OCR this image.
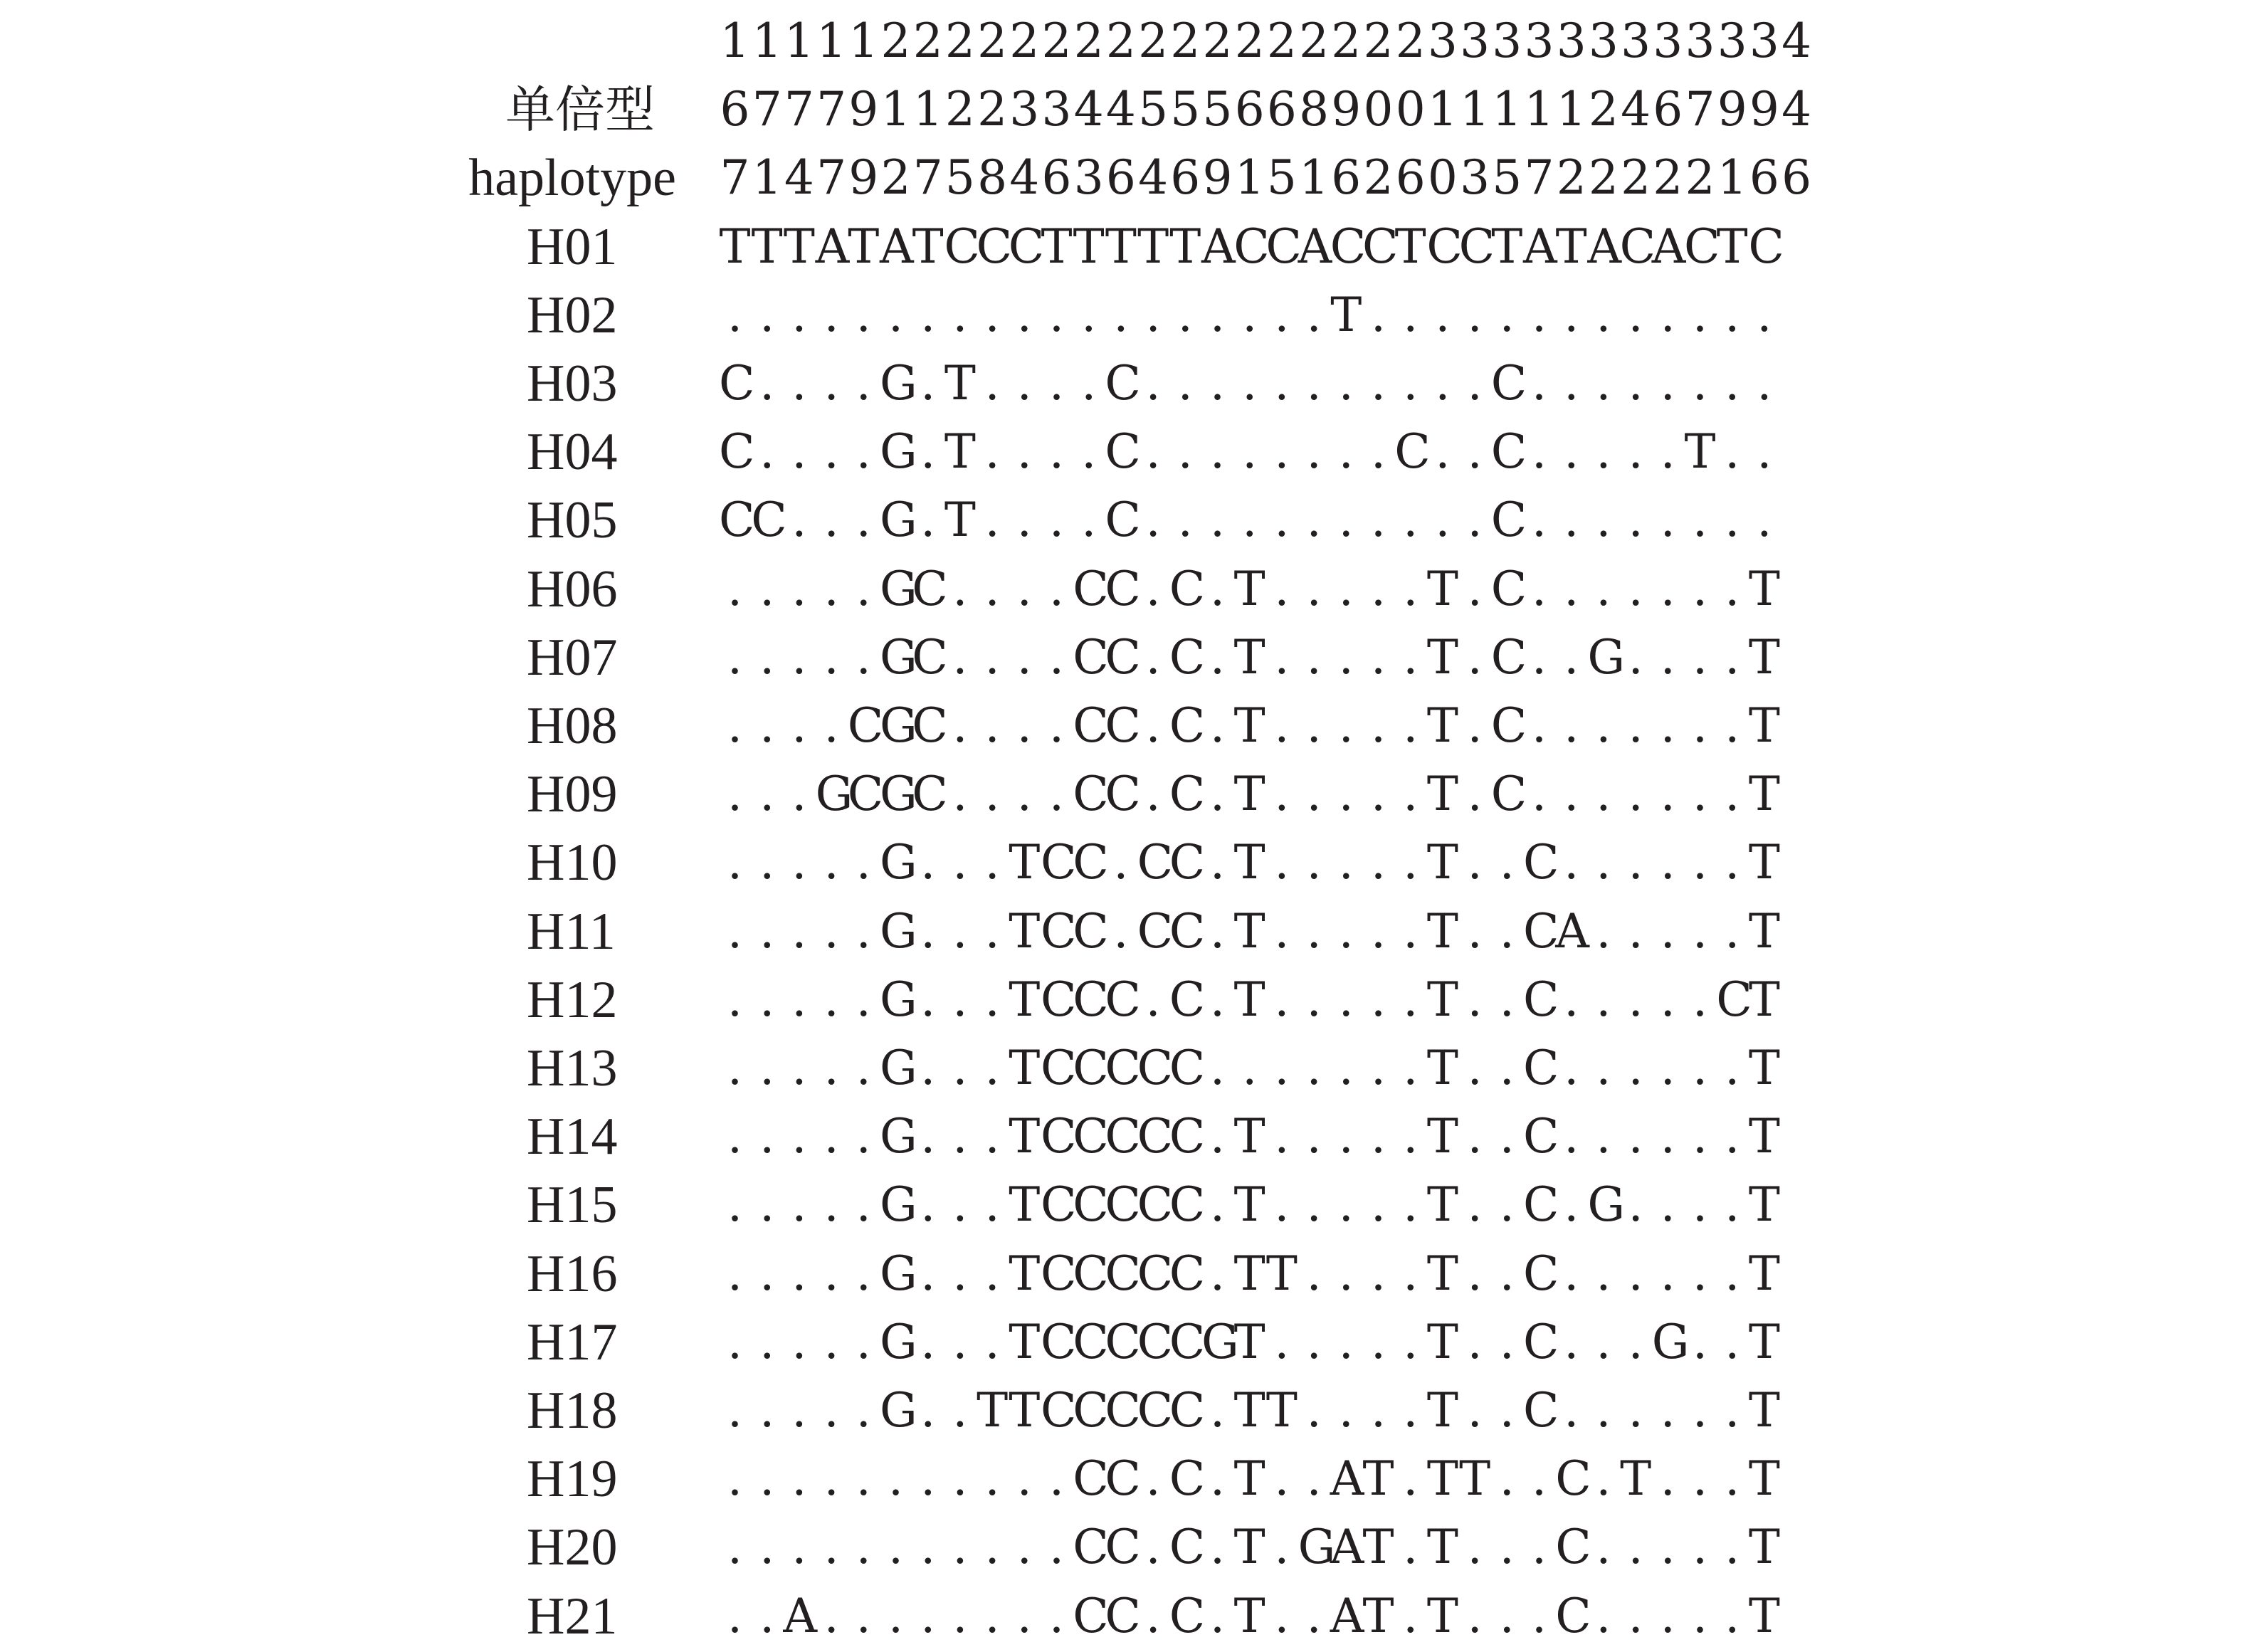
1 1 1 1 1 2 2 2 2 2 2 2 2 2 2 2 2 2 2 2 2 2 3 3 3 3 3 3 3 3 3 3 3 4
单倍型 6 7 7 7 9 1 1 2 2 3 3 4 4 5 5 5 6 6 8 9 0 0 1 1 1 1 1 2 4 6 7 9 9 4
haplotype 7 1 4 7 9 2 7 5 8 4 6 3 6 4 6 9 1 5 1 6 2 6 0 3 5 7 2 2 2 2 2 1 6 6
H01 T T T A
T A
T C
C
C
T T T T T A
C
C
A
C
C
T C
C
T A
T A
C
A
C
T C
H02 . . . . . . . . . . . . . . . . . . . T . . . . . . . . . . . . .
H03 C . . . . G . T . . . . C . . . . . . . . . . . C . . . . . . . .
H04 C . . . . G . T . . . . C . . . . . . . . C . . C . . . . . T . .
H05 C
C . . . G . T . . . . C . . . . . . . . . . . C . . . . . . . .
H06 . . . . . G
C . . . . C
C . C . T . . . . . T . C . . . . . . . T
H07 . . . . . G
C . . . . C
C . C . T . . . . . T . C . . G . . . . T
H08 . . . . C
G
C . . . . C
C . C . T . . . . . T . C . . . . . . . T
H09 . . . G
C
G
C . . . . C
C . C . T . . . . . T . C . . . . . . . T
H10 . . . . . G . . . T C
C . C
C . T . . . . . T . . C . . . . . . T
H11 . . . . . G . . . T C
C . C
C . T . . . . . T . . C
A . . . . . T
H12 . . . . . G . . . T C
C
C . C . T . . . . . T . . C . . . . . C
T
H13 . . . . . G . . . T C
C
C
C
C . . . . . . . T . . C . . . . . . T
H14 . . . . . G . . . T C
C
C
C
C . T . . . . . T . . C . . . . . . T
H15 . . . . . G . . . T C
C
C
C
C . T . . . . . T . . C . G . . . . T
H16 . . . . . G . . . T C
C
C
C
C . T T . . . . T . . C . . . . . . T
H17 . . . . . G . . . T C
C
C
C
C
G
T . . . . . T . . C . . . G . . T
H18 . . . . . G . . T T C
C
C
C
C . T T . . . . T . . C . . . . . . T
H19 . . . . . . . . . . . C
C . C . T . . A
T . T T . . C . T . . . T
H20 . . . . . . . . . . . C
C . C . T . G
A
T . T . . . C . . . . . T
H21 . . A . . . . . . . . C
C . C . T . . A
T . T . . . C . . . . . T
